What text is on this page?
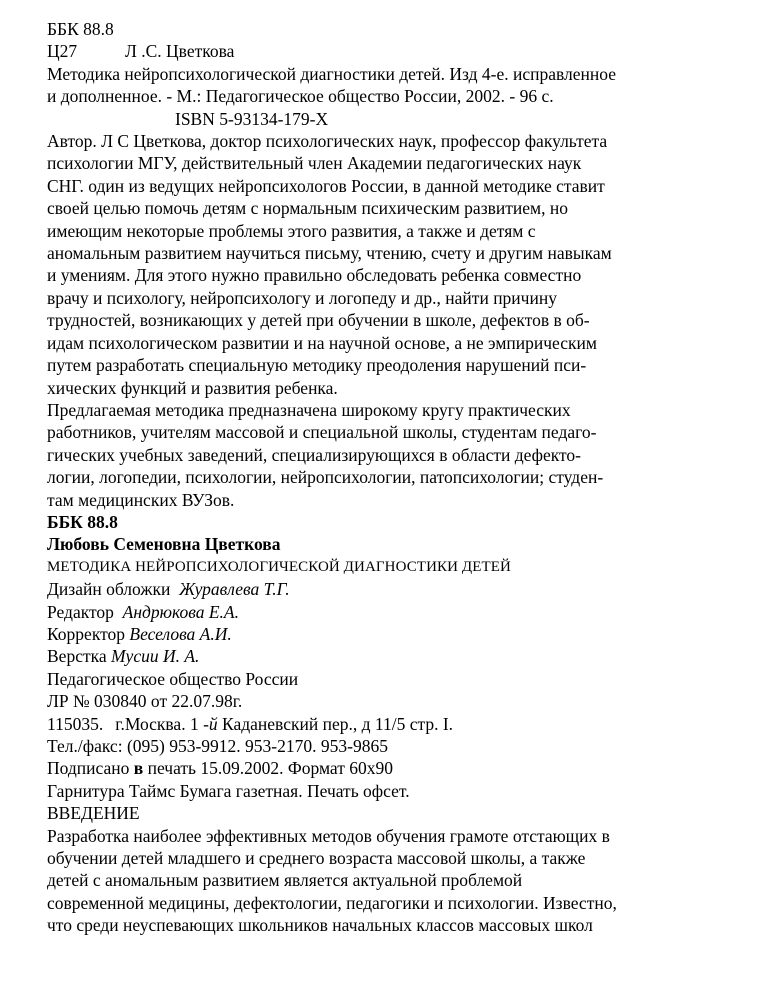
ББК 88.8
Ц27	Л .С. Цветкова
Методика нейропсихологической диагностики детей. Изд 4-е. исправленное
и дополненное. - М.: Педагогическое общество России, 2002. - 96 с.
ISBN 5-93134-179-X
Автор. Л С Цветкова, доктор психологических наук, профессор факультета
психологии МГУ, действительный член Академии педагогических наук
СНГ. один из ведущих нейропсихологов России, в данной методике ставит
своей целью помочь детям с нормальным психическим развитием, но
имеющим некоторые проблемы этого развития, а также и детям с
аномальным развитием научиться письму, чтению, счету и другим навыкам
и умениям. Для этого нужно правильно обследовать ребенка совместно
врачу и психологу, нейропсихологу и логопеду и др., найти причину
трудностей, возникающих у детей при обучении в школе, дефектов в об-
идам психологическом развитии и на научной основе, а не эмпирическим
путем разработать специальную методику преодоления нарушений пси-
хических функций и развития ребенка.
Предлагаемая методика предназначена широкому кругу практических
работников, учителям массовой и специальной школы, студентам педаго-
гических учебных заведений, специализирующихся в области дефекто-
логии, логопедии, психологии, нейропсихологии, патопсихологии; студен-
там медицинских ВУЗов.
ББК 88.8
Любовь Семеновна Цветкова
МЕТОДИКА НЕЙРОПСИХОЛОГИЧЕСКОЙ ДИАГНОСТИКИ ДЕТЕЙ
Дизайн обложки Журавлева Т.Г.
Редактор Андрюкова Е.А.
Корректор Веселова А.И.
Верстка Мусии И. А.
Педагогическое общество России
ЛР № 030840 от 22.07.98г.
115035. г.Москва. 1 -й Каданевский пер., д 11/5 стр. I.
Тел./факс: (095) 953-9912. 953-2170. 953-9865
Подписано в печать 15.09.2002. Формат 60x90
Гарнитура Таймс Бумага газетная. Печать офсет.
ВВЕДЕНИЕ
Разработка наиболее эффективных методов обучения грамоте отстающих в
обучении детей младшего и среднего возраста массовой школы, а также
детей с аномальным развитием является актуальной проблемой
современной медицины, дефектологии, педагогики и психологии. Известно,
что среди неуспевающих школьников начальных классов массовых школ
